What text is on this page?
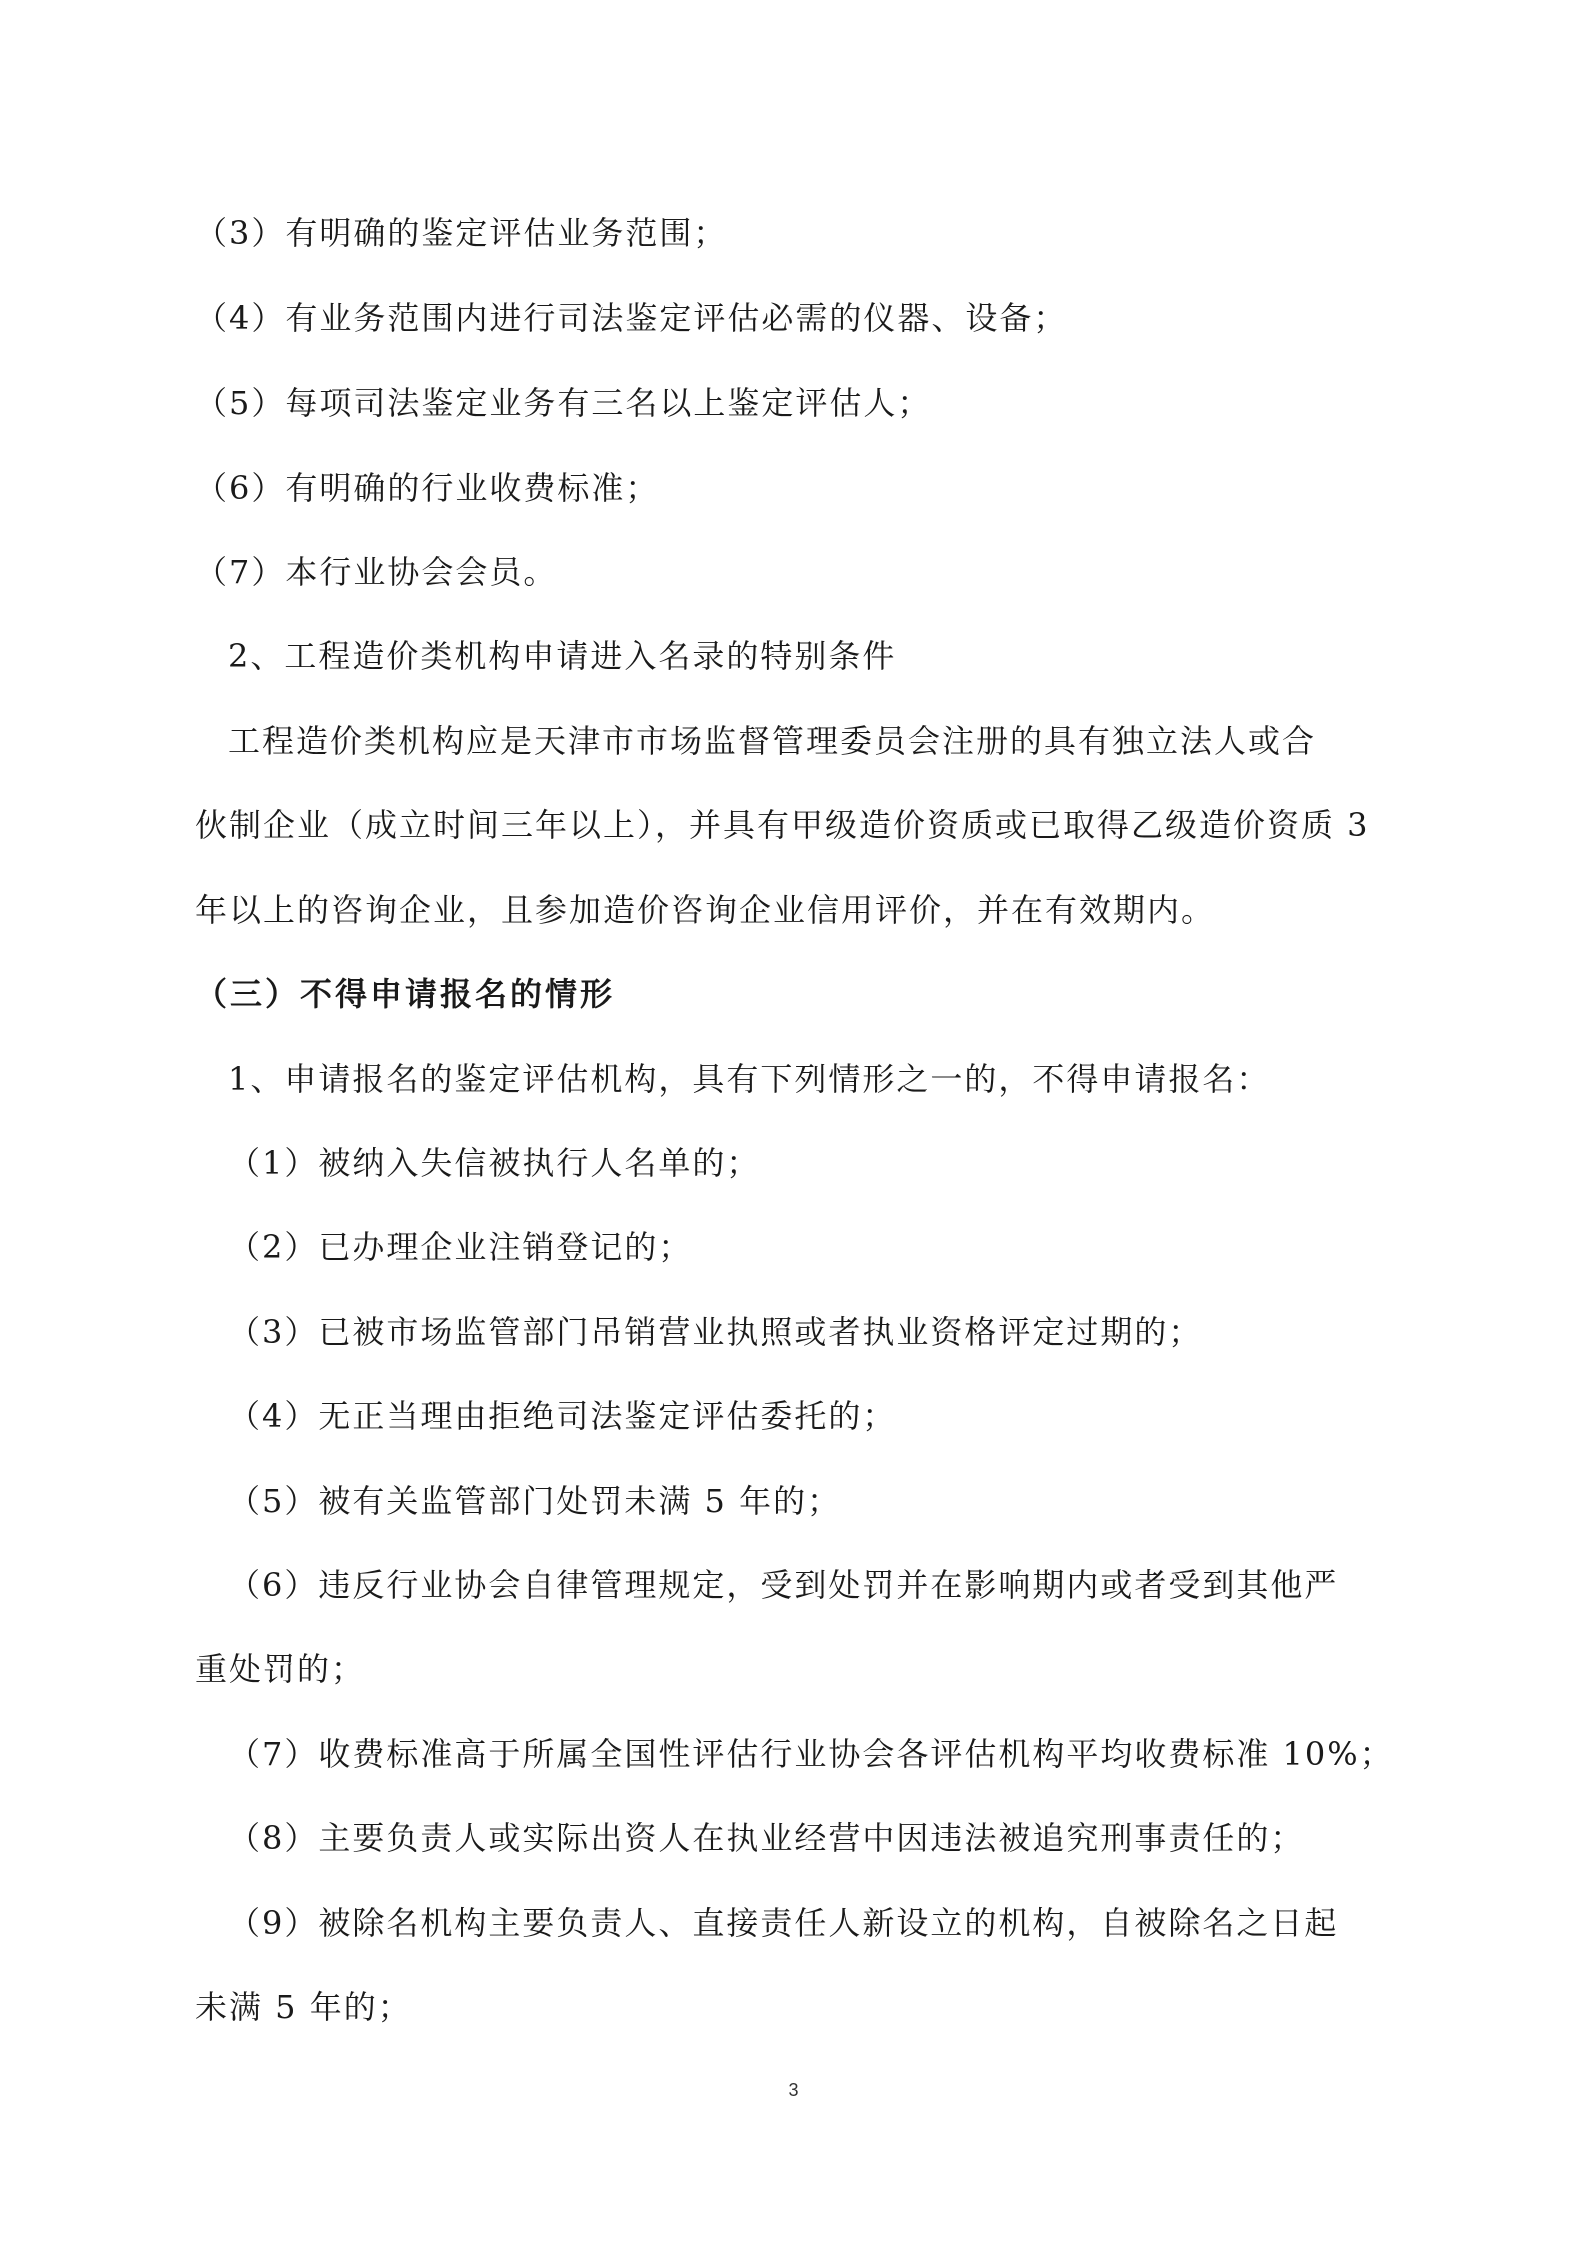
（3）有明确的鉴定评估业务范围；
（4）有业务范围内进行司法鉴定评估必需的仪器、设备；
（5）每项司法鉴定业务有三名以上鉴定评估人；
（6）有明确的行业收费标准；
（7）本行业协会会员。
2、工程造价类机构申请进入名录的特别条件
工程造价类机构应是天津市市场监督管理委员会注册的具有独立法人或合
伙制企业（成立时间三年以上），并具有甲级造价资质或已取得乙级造价资质 3
年以上的咨询企业，且参加造价咨询企业信用评价，并在有效期内。
（三）不得申请报名的情形
1、申请报名的鉴定评估机构，具有下列情形之一的，不得申请报名：
（1）被纳入失信被执行人名单的；
（2）已办理企业注销登记的；
（3）已被市场监管部门吊销营业执照或者执业资格评定过期的；
（4）无正当理由拒绝司法鉴定评估委托的；
（5）被有关监管部门处罚未满 5 年的；
（6）违反行业协会自律管理规定，受到处罚并在影响期内或者受到其他严
重处罚的；
（7）收费标准高于所属全国性评估行业协会各评估机构平均收费标准 10%；
（8）主要负责人或实际出资人在执业经营中因违法被追究刑事责任的；
（9）被除名机构主要负责人、直接责任人新设立的机构，自被除名之日起
未满 5 年的；
3
